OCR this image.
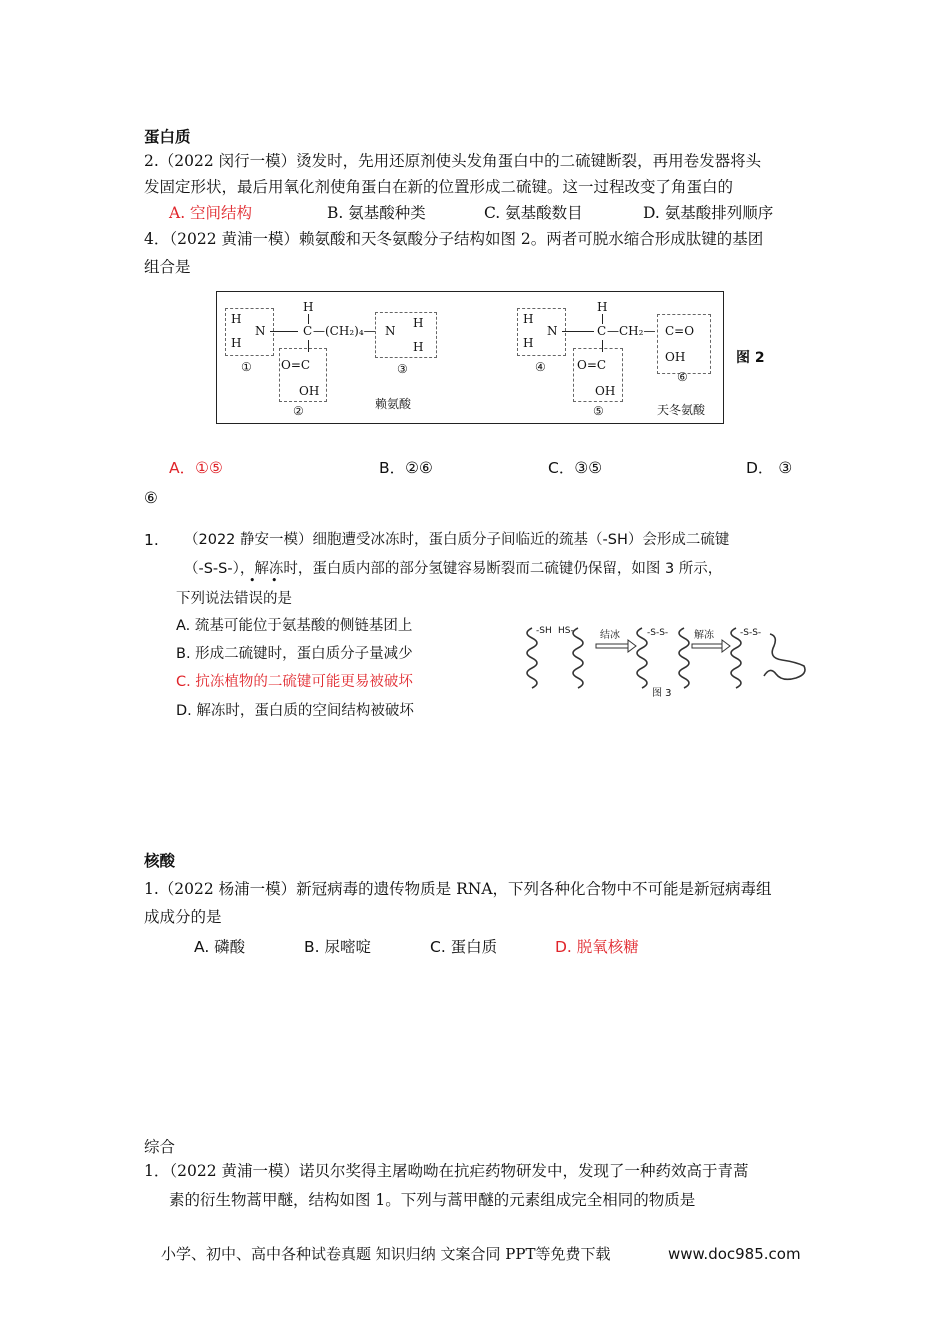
蛋白质
2.（2022 闵行一模）烫发时，先用还原剂使头发角蛋白中的二硫键断裂，再用卷发器将头
发固定形状，最后用氧化剂使角蛋白在新的位置形成二硫键。这一过程改变了角蛋白的
A. 空间结构	B. 氨基酸种类	C. 氨基酸数目	D. 氨基酸排列顺序
4．（2022 黄浦一模）赖氨酸和天冬氨酸分子结构如图 2。两者可脱水缩合形成肽键的基团
组合是
H
H
N
H
C —(CH₂)₄— N
H
H
①	③
O=C
OH
②	赖氨酸
H
H
N
H
C —CH₂— C=O
OH
⑥
④	O=C
OH
⑤	天冬氨酸
图 2
A．①⑤	B．②⑥	C．③⑤	D． ③
⑥
1. （2022 静安一模）细胞遭受冰冻时，蛋白质分子间临近的巯基（-SH）会形成二硫键
（-S-S-），解冻时，蛋白质内部的部分氢键容易断裂而二硫键仍保留，如图 3 所示，
下列说法错误的是
• •
A. 巯基可能位于氨基酸的侧链基团上
B. 形成二硫键时，蛋白质分子量减少
C. 抗冻植物的二硫键可能更易被破坏
D. 解冻时，蛋白质的空间结构被破坏
-SH HS-	结冰	-S-S-	解冻	-S-S-
图 3
核酸
1.（2022 杨浦一模）新冠病毒的遗传物质是 RNA，下列各种化合物中不可能是新冠病毒组
成成分的是
A. 磷酸	B. 尿嘧啶	C. 蛋白质	D. 脱氧核糖
综合
1．（2022 黄浦一模）诺贝尔奖得主屠呦呦在抗疟药物研发中，发现了一种药效高于青蒿
素的衍生物蒿甲醚，结构如图 1。下列与蒿甲醚的元素组成完全相同的物质是
小学、初中、高中各种试卷真题 知识归纳 文案合同 PPT等免费下载	www.doc985.com
